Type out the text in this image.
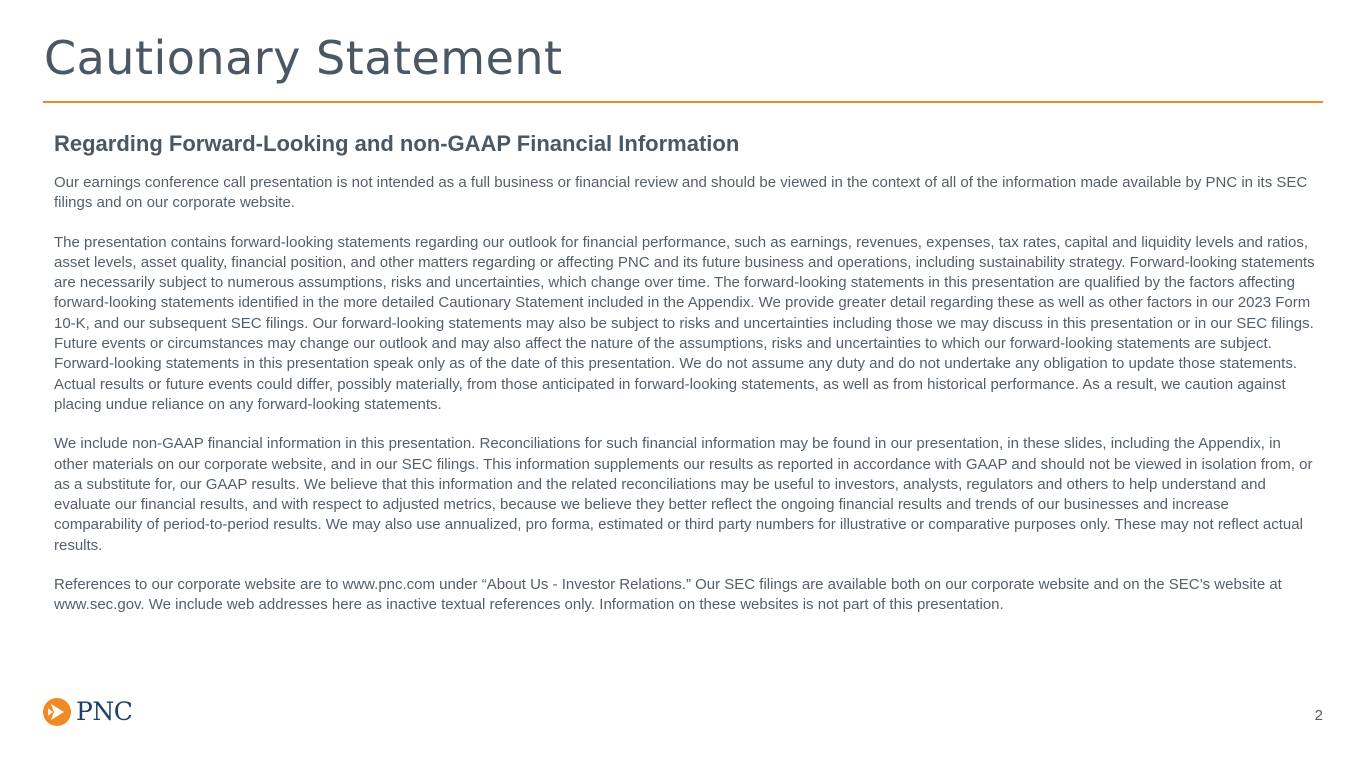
Cautionary Statement
Regarding Forward-Looking and non-GAAP Financial Information

Our earnings conference call presentation is not intended as a full business or financial review and should be viewed in the context of all of the information made available by PNC in its SEC filings and on our corporate website.

The presentation contains forward-looking statements regarding our outlook for financial performance, such as earnings, revenues, expenses, tax rates, capital and liquidity levels and ratios, asset levels, asset quality, financial position, and other matters regarding or affecting PNC and its future business and operations, including sustainability strategy. Forward-looking statements are necessarily subject to numerous assumptions, risks and uncertainties, which change over time. The forward-looking statements in this presentation are qualified by the factors affecting forward-looking statements identified in the more detailed Cautionary Statement included in the Appendix. We provide greater detail regarding these as well as other factors in our 2023 Form 10-K, and our subsequent SEC filings. Our forward-looking statements may also be subject to risks and uncertainties including those we may discuss in this presentation or in our SEC filings. Future events or circumstances may change our outlook and may also affect the nature of the assumptions, risks and uncertainties to which our forward-looking statements are subject. Forward-looking statements in this presentation speak only as of the date of this presentation. We do not assume any duty and do not undertake any obligation to update those statements. Actual results or future events could differ, possibly materially, from those anticipated in forward-looking statements, as well as from historical performance. As a result, we caution against placing undue reliance on any forward-looking statements.

We include non-GAAP financial information in this presentation. Reconciliations for such financial information may be found in our presentation, in these slides, including the Appendix, in other materials on our corporate website, and in our SEC filings. This information supplements our results as reported in accordance with GAAP and should not be viewed in isolation from, or as a substitute for, our GAAP results. We believe that this information and the related reconciliations may be useful to investors, analysts, regulators and others to help understand and evaluate our financial results, and with respect to adjusted metrics, because we believe they better reflect the ongoing financial results and trends of our businesses and increase comparability of period-to-period results. We may also use annualized, pro forma, estimated or third party numbers for illustrative or comparative purposes only. These may not reflect actual results.

References to our corporate website are to www.pnc.com under “About Us - Investor Relations.” Our SEC filings are available both on our corporate website and on the SEC’s website at www.sec.gov. We include web addresses here as inactive textual references only. Information on these websites is not part of this presentation.

PNC	2
